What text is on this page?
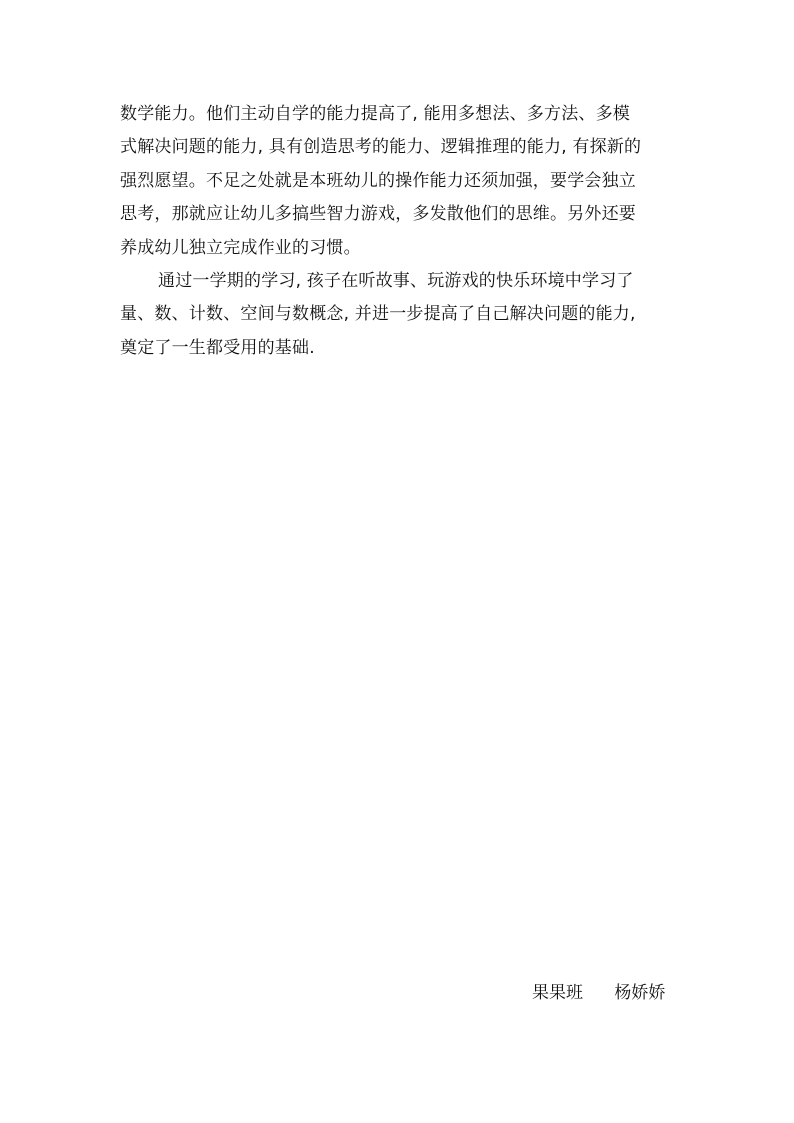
数学能力。他们主动自学的能力提高了, 能用多想法、多方法、多模
式解决问题的能力, 具有创造思考的能力、逻辑推理的能力, 有探新的
强烈愿望。不足之处就是本班幼儿的操作能力还须加强，要学会独立
思考，那就应让幼儿多搞些智力游戏，多发散他们的思维。另外还要
养成幼儿独立完成作业的习惯。
通过一学期的学习, 孩子在听故事、玩游戏的快乐环境中学习了
量、数、计数、空间与数概念, 并进一步提高了自己解决问题的能力,
奠定了一生都受用的基础.
果果班 杨娇娇
